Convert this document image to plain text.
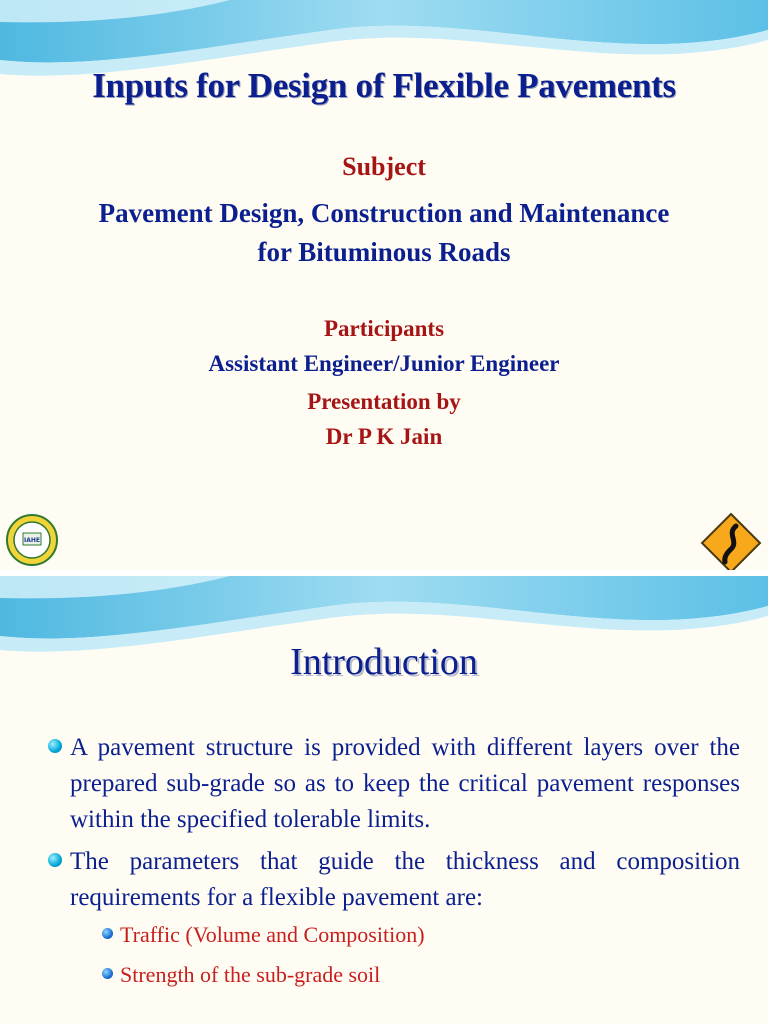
Inputs for Design of Flexible Pavements
Subject
Pavement Design, Construction and Maintenance
for Bituminous Roads
Participants
Assistant Engineer/Junior Engineer
Presentation by
Dr P K Jain
IAHE
Introduction
A pavement structure is provided with different layers over the prepared sub-grade so as to keep the critical pavement responses within the specified tolerable limits.
The parameters that guide the thickness and composition requirements for a flexible pavement are:
Traffic (Volume and Composition)
Strength of the sub-grade soil
